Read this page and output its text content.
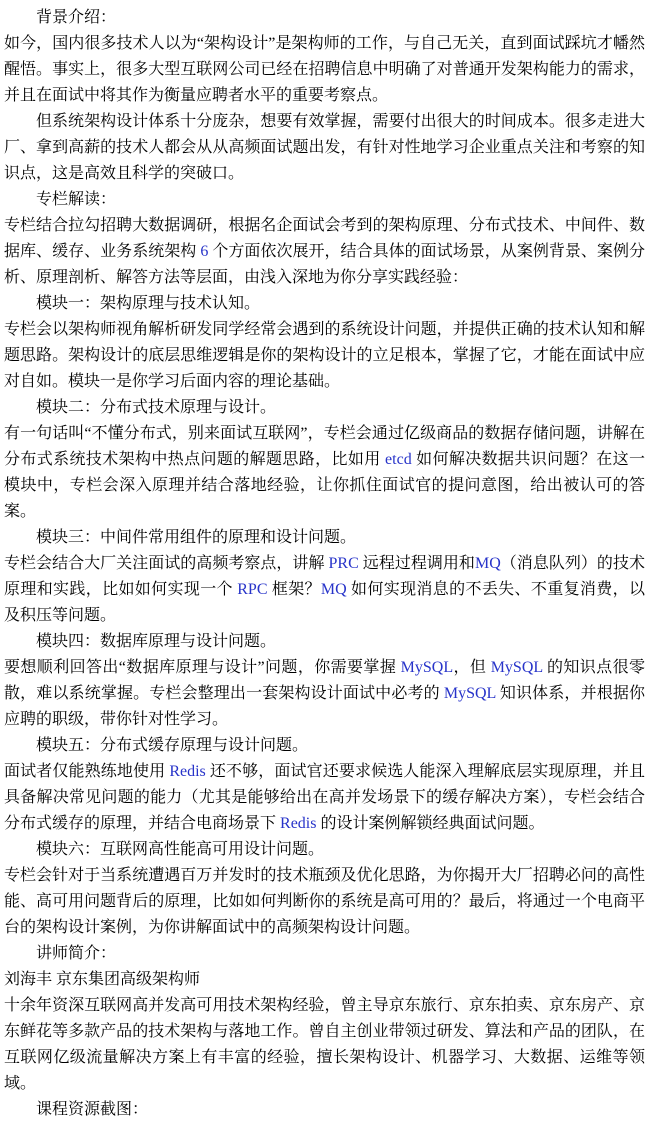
背景介绍：

如今，国内很多技术人以为“架构设计”是架构师的工作，与自己无关，直到面试踩坑才幡然醒悟。事实上，很多大型互联网公司已经在招聘信息中明确了对普通开发架构能力的需求，并且在面试中将其作为衡量应聘者水平的重要考察点。

但系统架构设计体系十分庞杂，想要有效掌握，需要付出很大的时间成本。很多走进大厂、拿到高薪的技术人都会从从高频面试题出发，有针对性地学习企业重点关注和考察的知识点，这是高效且科学的突破口。

专栏解读：

专栏结合拉勾招聘大数据调研，根据名企面试会考到的架构原理、分布式技术、中间件、数据库、缓存、业务系统架构 6 个方面依次展开，结合具体的面试场景，从案例背景、案例分析、原理剖析、解答方法等层面，由浅入深地为你分享实践经验：

模块一：架构原理与技术认知。

专栏会以架构师视角解析研发同学经常会遇到的系统设计问题，并提供正确的技术认知和解题思路。架构设计的底层思维逻辑是你的架构设计的立足根本，掌握了它，才能在面试中应对自如。模块一是你学习后面内容的理论基础。

模块二：分布式技术原理与设计。

有一句话叫“不懂分布式，别来面试互联网”，专栏会通过亿级商品的数据存储问题，讲解在分布式系统技术架构中热点问题的解题思路，比如用 etcd 如何解决数据共识问题？在这一模块中，专栏会深入原理并结合落地经验，让你抓住面试官的提问意图，给出被认可的答案。

模块三：中间件常用组件的原理和设计问题。

专栏会结合大厂关注面试的高频考察点，讲解 PRC 远程过程调用和MQ（消息队列）的技术原理和实践，比如如何实现一个 RPC 框架？MQ 如何实现消息的不丢失、不重复消费，以及积压等问题。

模块四：数据库原理与设计问题。

要想顺利回答出“数据库原理与设计”问题，你需要掌握 MySQL，但 MySQL 的知识点很零散，难以系统掌握。专栏会整理出一套架构设计面试中必考的 MySQL 知识体系，并根据你应聘的职级，带你针对性学习。

模块五：分布式缓存原理与设计问题。

面试者仅能熟练地使用 Redis 还不够，面试官还要求候选人能深入理解底层实现原理，并且具备解决常见问题的能力（尤其是能够给出在高并发场景下的缓存解决方案），专栏会结合分布式缓存的原理，并结合电商场景下 Redis 的设计案例解锁经典面试问题。

模块六：互联网高性能高可用设计问题。

专栏会针对于当系统遭遇百万并发时的技术瓶颈及优化思路，为你揭开大厂招聘必问的高性能、高可用问题背后的原理，比如如何判断你的系统是高可用的？最后，将通过一个电商平台的架构设计案例，为你讲解面试中的高频架构设计问题。

讲师简介：

刘海丰 京东集团高级架构师

十余年资深互联网高并发高可用技术架构经验，曾主导京东旅行、京东拍卖、京东房产、京东鲜花等多款产品的技术架构与落地工作。曾自主创业带领过研发、算法和产品的团队，在互联网亿级流量解决方案上有丰富的经验，擅长架构设计、机器学习、大数据、运维等领域。

课程资源截图：
